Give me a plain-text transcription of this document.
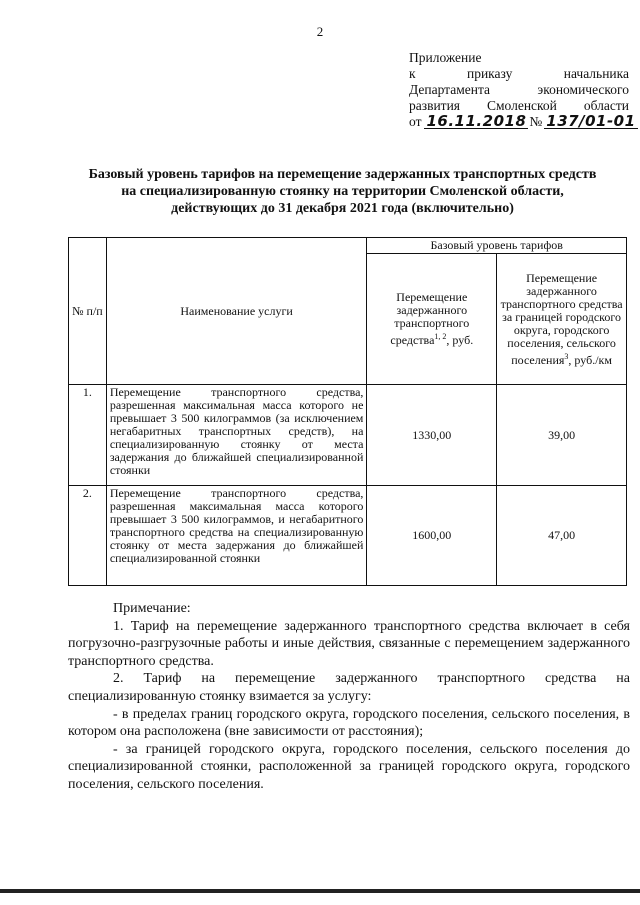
2
Приложение
к	приказу	начальника
Департамента	экономического
развития Смоленской области
от 16.11.2018 № 137/01-01
Базовый уровень тарифов на перемещение задержанных транспортных средств
на специализированную стоянку на территории Смоленской области,
действующих до 31 декабря 2021 года (включительно)
№ п/п	Наименование услуги	Базовый уровень тарифов	
		Перемещение задержанного транспортного средства$^{1, 2}$, руб.	Перемещение задержанного транспортного средства за границей городского округа, городского поселения, сельского поселения$^3$, руб./км
1.	Перемещение транспортного средства, разрешенная максимальная масса которого не превышает 3 500 килограммов (за исключением негабаритных транспортных средств), на специализированную стоянку от места задержания до ближайшей специализированной стоянки	1330,00	39,00
2.	Перемещение транспортного средства, разрешенная максимальная масса которого превышает 3 500 килограммов, и негабаритного транспортного средства на специализированную стоянку от места задержания до ближайшей специализированной стоянки	1600,00	47,00

Примечание:

1. Тариф на перемещение задержанного транспортного средства включает в себя погрузочно-разгрузочные работы и иные действия, связанные с перемещением задержанного транспортного средства.

2. Тариф на перемещение задержанного транспортного средства на специализированную стоянку взимается за услугу:

- в пределах границ городского округа, городского поселения, сельского поселения, в котором она расположена (вне зависимости от расстояния);

- за границей городского округа, городского поселения, сельского поселения до специализированной стоянки, расположенной за границей городского округа, городского поселения, сельского поселения.
